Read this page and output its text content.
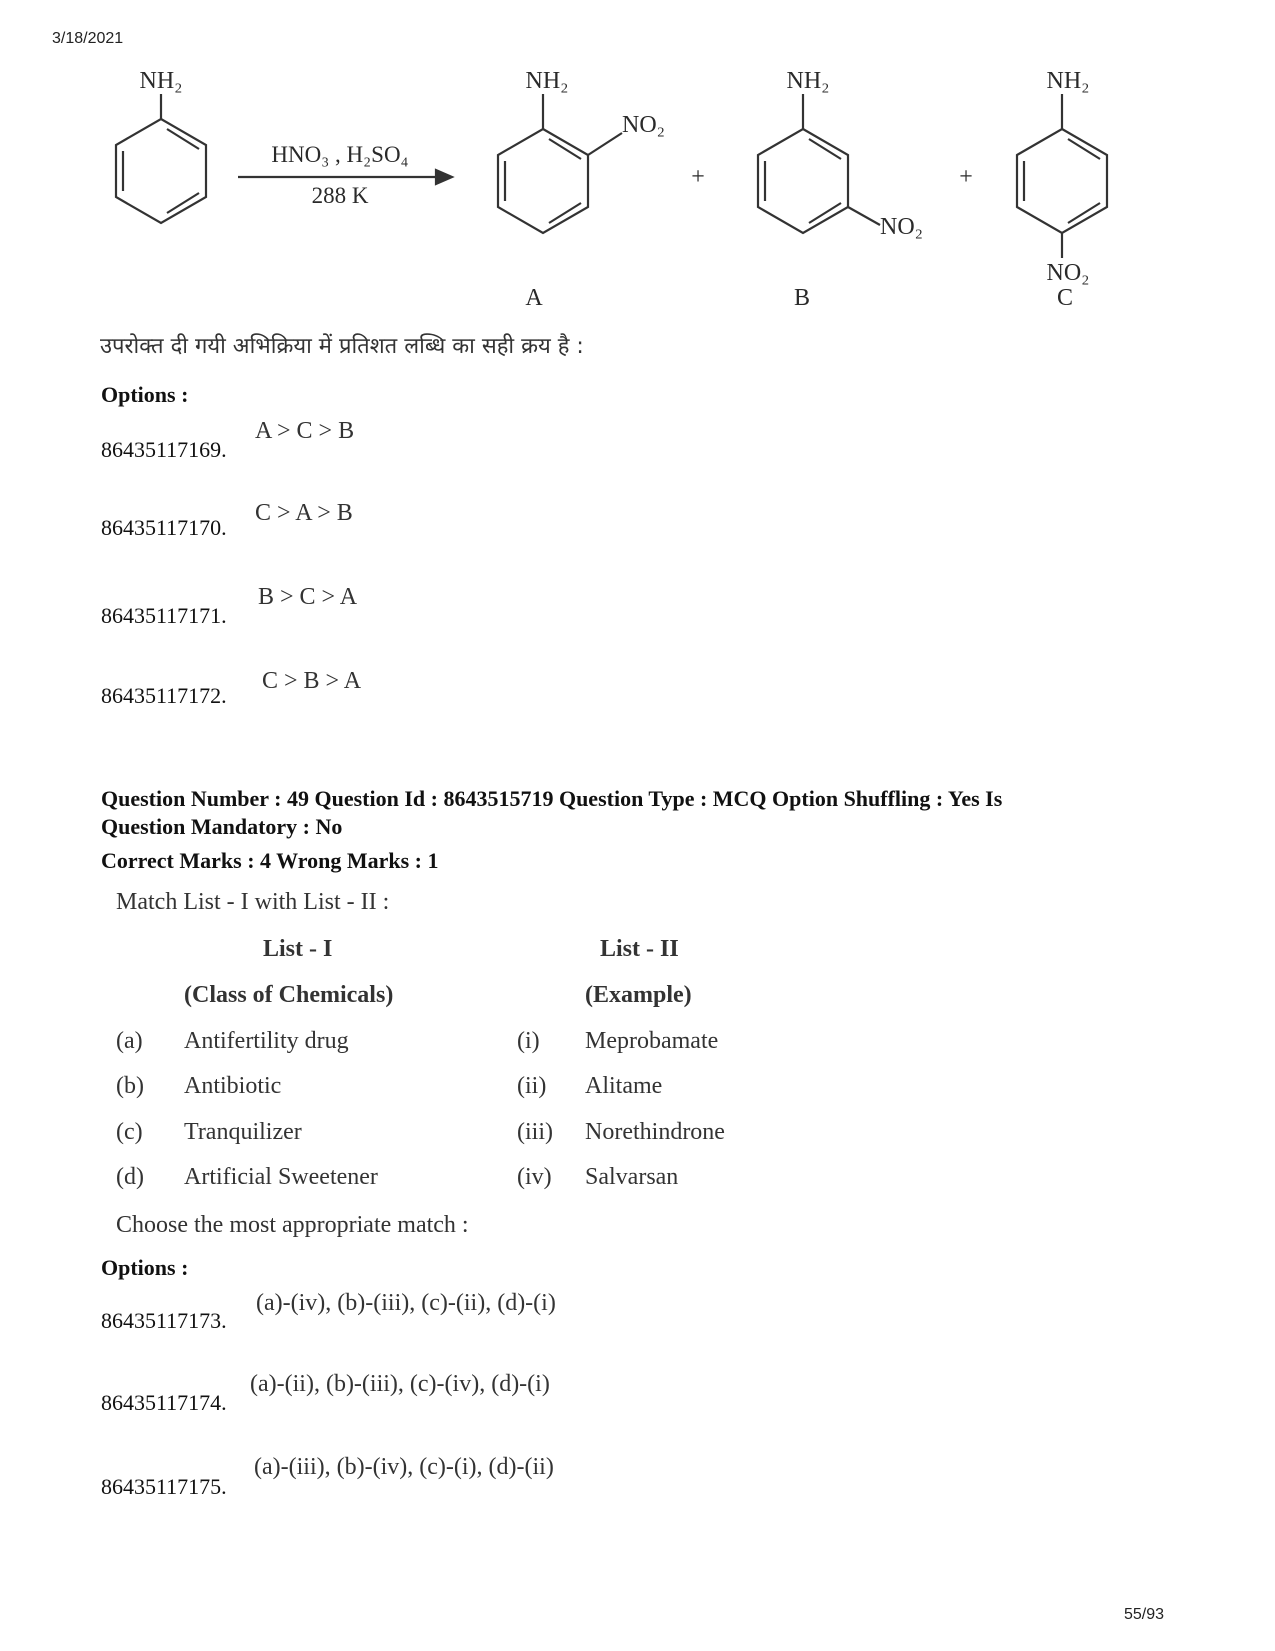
3/18/2021
NH₂
HNO₃ , H₂SO₄
288 K
NH₂
NO₂
+
NH₂
NO₂
+
NH₂
NO₂
A	B	C
उपरोक्त दी गयी अभिक्रिया में प्रतिशत लब्धि का सही क्रय है :
Options :
86435117169.
A > C > B
86435117170.
C > A > B
86435117171.
B > C > A
86435117172.
C > B > A
Question Number : 49 Question Id : 8643515719 Question Type : MCQ Option Shuffling : Yes Is
Question Mandatory : No
Correct Marks : 4 Wrong Marks : 1
Match List - I with List - II :
List - I	List - II
(Class of Chemicals)	(Example)
(a) Antifertility drug	(i) Meprobamate
(b) Antibiotic	(ii) Alitame
(c) Tranquilizer	(iii) Norethindrone
(d) Artificial Sweetener	(iv) Salvarsan
Choose the most appropriate match :
Options :
86435117173.
(a)-(iv), (b)-(iii), (c)-(ii), (d)-(i)
86435117174.
(a)-(ii), (b)-(iii), (c)-(iv), (d)-(i)
86435117175.
(a)-(iii), (b)-(iv), (c)-(i), (d)-(ii)
55/93
